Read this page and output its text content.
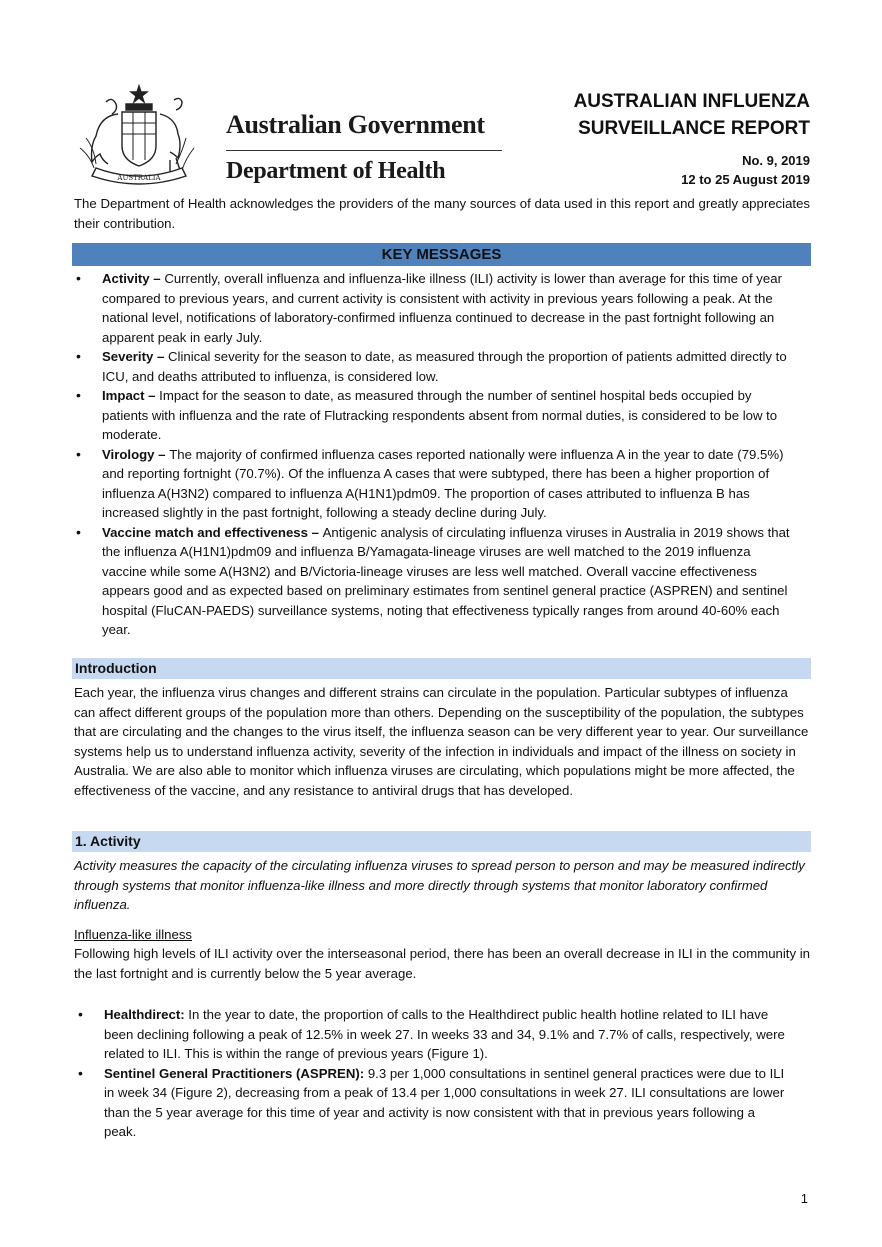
AUSTRALIA
Australian Government
Department of Health
AUSTRALIAN INFLUENZA
SURVEILLANCE REPORT
No. 9, 2019
12 to 25 August 2019

The Department of Health acknowledges the providers of the many sources of data used in this report and greatly appreciates their contribution.

KEY MESSAGES
• Activity – Currently, overall influenza and influenza-like illness (ILI) activity is lower than average for this time of year compared to previous years, and current activity is consistent with activity in previous years following a peak. At the national level, notifications of laboratory-confirmed influenza continued to decrease in the past fortnight following an apparent peak in early July.
• Severity – Clinical severity for the season to date, as measured through the proportion of patients admitted directly to ICU, and deaths attributed to influenza, is considered low.
• Impact – Impact for the season to date, as measured through the number of sentinel hospital beds occupied by patients with influenza and the rate of Flutracking respondents absent from normal duties, is considered to be low to moderate.
• Virology – The majority of confirmed influenza cases reported nationally were influenza A in the year to date (79.5%) and reporting fortnight (70.7%). Of the influenza A cases that were subtyped, there has been a higher proportion of influenza A(H3N2) compared to influenza A(H1N1)pdm09. The proportion of cases attributed to influenza B has increased slightly in the past fortnight, following a steady decline during July.
• Vaccine match and effectiveness – Antigenic analysis of circulating influenza viruses in Australia in 2019 shows that the influenza A(H1N1)pdm09 and influenza B/Yamagata-lineage viruses are well matched to the 2019 influenza vaccine while some A(H3N2) and B/Victoria-lineage viruses are less well matched. Overall vaccine effectiveness appears good and as expected based on preliminary estimates from sentinel general practice (ASPREN) and sentinel hospital (FluCAN-PAEDS) surveillance systems, noting that effectiveness typically ranges from around 40-60% each year.
Introduction

Each year, the influenza virus changes and different strains can circulate in the population. Particular subtypes of influenza can affect different groups of the population more than others. Depending on the susceptibility of the population, the subtypes that are circulating and the changes to the virus itself, the influenza season can be very different year to year. Our surveillance systems help us to understand influenza activity, severity of the infection in individuals and impact of the illness on society in Australia. We are also able to monitor which influenza viruses are circulating, which populations might be more affected, the effectiveness of the vaccine, and any resistance to antiviral drugs that has developed.

1. Activity

Activity measures the capacity of the circulating influenza viruses to spread person to person and may be measured indirectly through systems that monitor influenza-like illness and more directly through systems that monitor laboratory confirmed influenza.

Influenza-like illness

Following high levels of ILI activity over the interseasonal period, there has been an overall decrease in ILI in the community in the last fortnight and is currently below the 5 year average.

• Healthdirect: In the year to date, the proportion of calls to the Healthdirect public health hotline related to ILI have been declining following a peak of 12.5% in week 27. In weeks 33 and 34, 9.1% and 7.7% of calls, respectively, were related to ILI. This is within the range of previous years (Figure 1).
• Sentinel General Practitioners (ASPREN): 9.3 per 1,000 consultations in sentinel general practices were due to ILI in week 34 (Figure 2), decreasing from a peak of 13.4 per 1,000 consultations in week 27. ILI consultations are lower than the 5 year average for this time of year and activity is now consistent with that in previous years following a peak.
1
